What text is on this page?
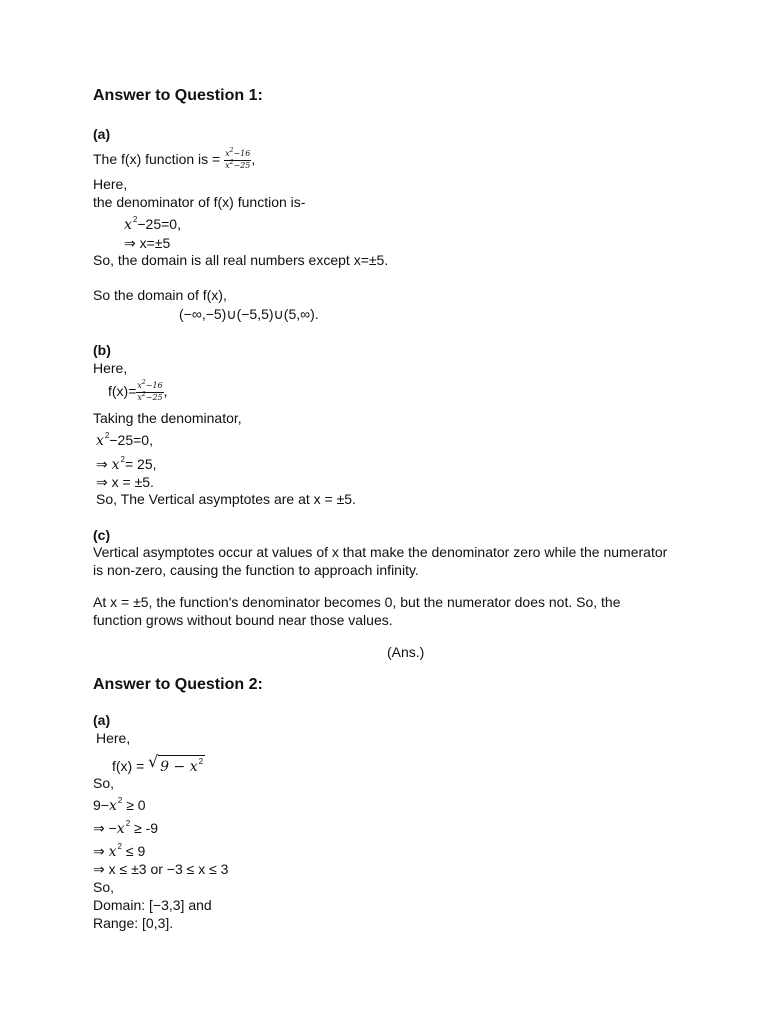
Answer to Question 1:
(a)
The f(x) function is = $\frac{x^2-16}{x^2-25}$ ,
Here,
the denominator of f(x) function is-
$x^2-25=0$,
⇒ x=±5
So, the domain is all real numbers except x=±5.
So the domain of f(x),
(−∞,−5)∪(−5,5)∪(5,∞).
(b)
Here,
$f(x)= \frac{x^2-16}{x^2-25}$ ,
Taking the denominator,
$x^2-25=0$,
⇒ $x^2= 25$,
⇒ x = ±5.
So, The Vertical asymptotes are at x = ±5.
(c)
Vertical asymptotes occur at values of x that make the denominator zero while the numerator
is non-zero, causing the function to approach infinity.
At x = ±5, the function's denominator becomes 0, but the numerator does not. So, the
function grows without bound near those values.
(Ans.)
Answer to Question 2:
(a)
Here,
f(x) = √ $9 - x^2$
So,
$9-x^2 \ge 0$
⇒ $-x^2 \ge -9$
⇒ $x^2 \le 9$
⇒ x ≤ ±3 or −3 ≤ x ≤ 3
So,
Domain: [−3,3] and
Range: [0,3].
